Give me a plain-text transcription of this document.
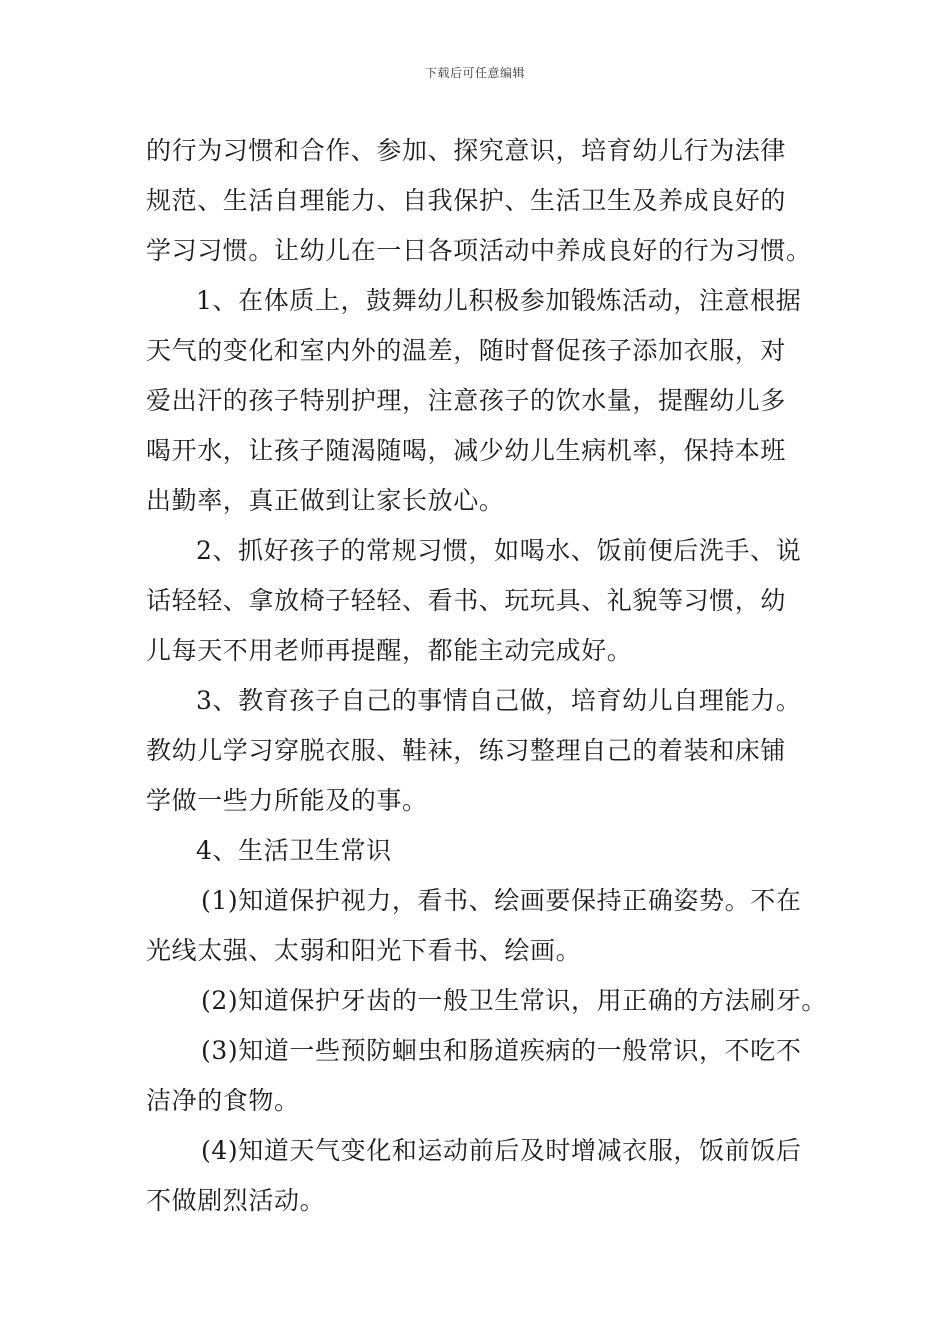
下载后可任意编辑
的行为习惯和合作、参加、探究意识，培育幼儿行为法律
规范、生活自理能力、自我保护、生活卫生及养成良好的
学习习惯。让幼儿在一日各项活动中养成良好的行为习惯。
1、在体质上，鼓舞幼儿积极参加锻炼活动，注意根据
天气的变化和室内外的温差，随时督促孩子添加衣服，对
爱出汗的孩子特别护理，注意孩子的饮水量，提醒幼儿多
喝开水，让孩子随渴随喝，减少幼儿生病机率，保持本班
出勤率，真正做到让家长放心。
2、抓好孩子的常规习惯，如喝水、饭前便后洗手、说
话轻轻、拿放椅子轻轻、看书、玩玩具、礼貌等习惯，幼
儿每天不用老师再提醒，都能主动完成好。
3、教育孩子自己的事情自己做，培育幼儿自理能力。
教幼儿学习穿脱衣服、鞋袜，练习整理自己的着装和床铺
学做一些力所能及的事。
4、生活卫生常识
(1)知道保护视力，看书、绘画要保持正确姿势。不在
光线太强、太弱和阳光下看书、绘画。
(2)知道保护牙齿的一般卫生常识，用正确的方法刷牙。
(3)知道一些预防蛔虫和肠道疾病的一般常识，不吃不
洁净的食物。
(4)知道天气变化和运动前后及时增减衣服，饭前饭后
不做剧烈活动。
